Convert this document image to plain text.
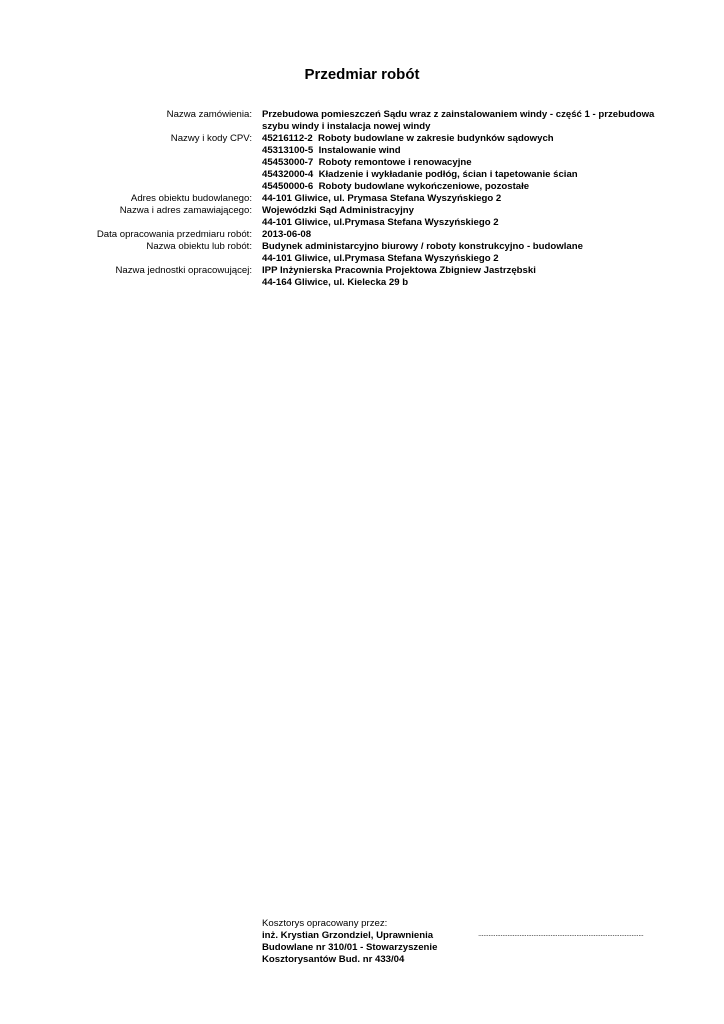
Przedmiar robót
Nazwa zamówienia:	Przebudowa pomieszczeń Sądu wraz z zainstalowaniem windy - część 1 - przebudowa
szybu windy i instalacja nowej windy
Nazwy i kody CPV:	45216112-2 Roboty budowlane w zakresie budynków sądowych
45313100-5 Instalowanie wind
45453000-7 Roboty remontowe i renowacyjne
45432000-4 Kładzenie i wykładanie podłóg, ścian i tapetowanie ścian
45450000-6 Roboty budowlane wykończeniowe, pozostałe
Adres obiektu budowlanego:	44-101 Gliwice, ul. Prymasa Stefana Wyszyńskiego 2
Nazwa i adres zamawiającego:	Wojewódzki Sąd Administracyjny
44-101 Gliwice, ul.Prymasa Stefana Wyszyńskiego 2
Data opracowania przedmiaru robót:	2013-06-08
Nazwa obiektu lub robót:	Budynek administarcyjno biurowy / roboty konstrukcyjno - budowlane
44-101 Gliwice, ul.Prymasa Stefana Wyszyńskiego 2
Nazwa jednostki opracowującej:	IPP Inżynierska Pracownia Projektowa Zbigniew Jastrzębski
44-164 Gliwice, ul. Kielecka 29 b
Kosztorys opracowany przez:
inż. Krystian Grzondziel, Uprawnienia
Budowlane nr 310/01 - Stowarzyszenie
Kosztorysantów Bud. nr 433/04
................................................................................................
